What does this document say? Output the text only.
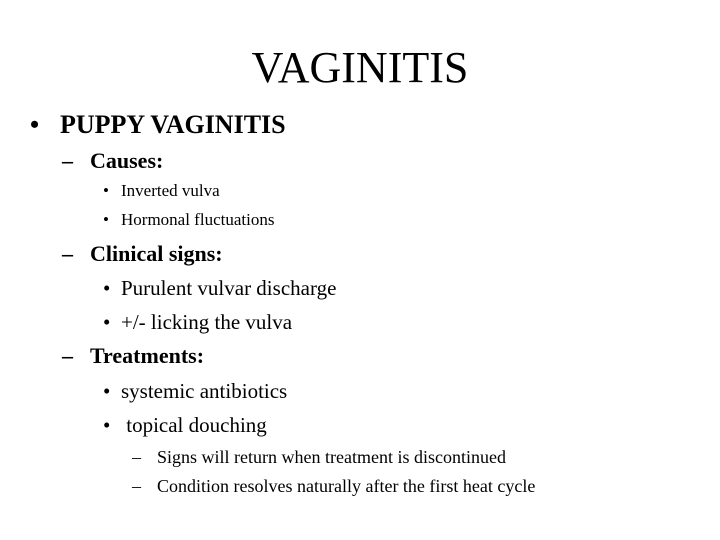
VAGINITIS
• PUPPY VAGINITIS
– Causes:
• Inverted vulva
• Hormonal fluctuations
– Clinical signs:
• Purulent vulvar discharge
• +/- licking the vulva
– Treatments:
• systemic antibiotics
• topical douching
– Signs will return when treatment is discontinued
– Condition resolves naturally after the first heat cycle
